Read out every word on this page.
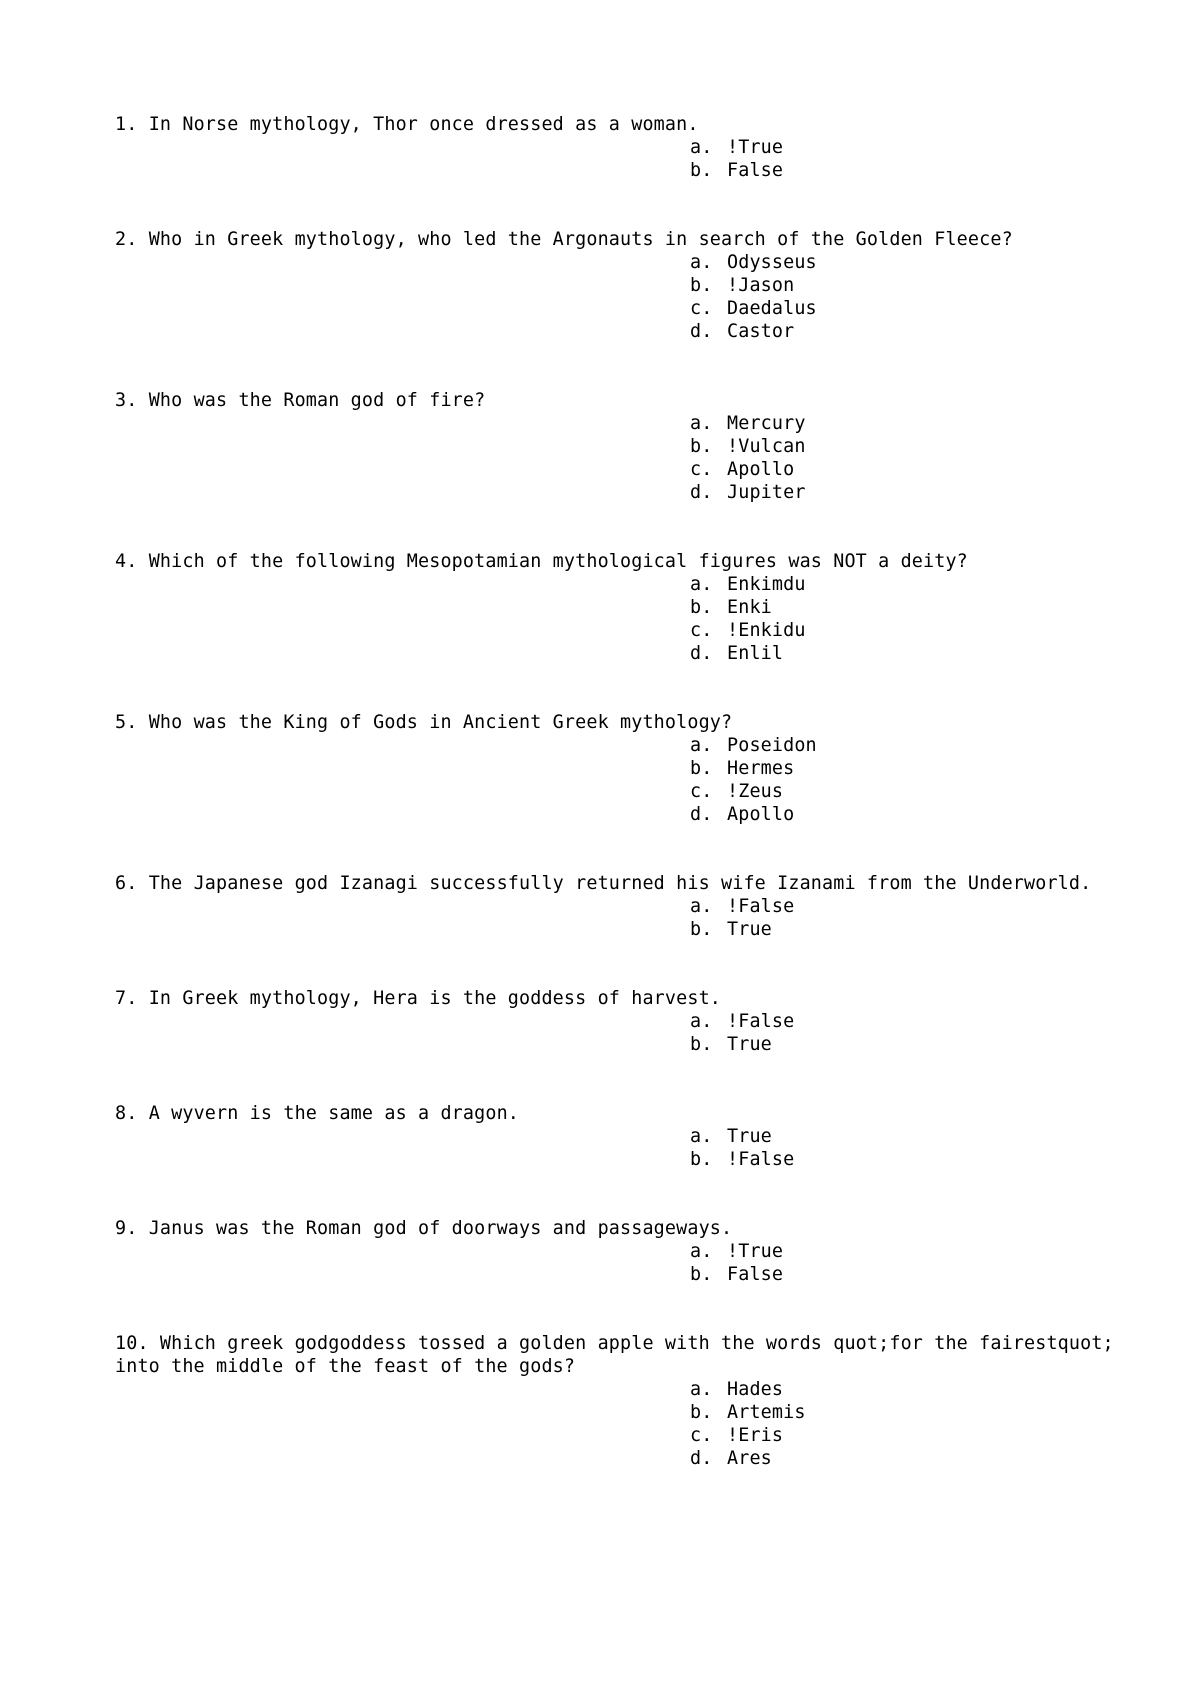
1. In Norse mythology, Thor once dressed as a woman.
a. !True
b. False
2. Who in Greek mythology, who led the Argonauts in search of the Golden Fleece?
a. Odysseus
b. !Jason
c. Daedalus
d. Castor
3. Who was the Roman god of fire?
a. Mercury
b. !Vulcan
c. Apollo
d. Jupiter
4. Which of the following Mesopotamian mythological figures was NOT a deity?
a. Enkimdu
b. Enki
c. !Enkidu
d. Enlil
5. Who was the King of Gods in Ancient Greek mythology?
a. Poseidon
b. Hermes
c. !Zeus
d. Apollo
6. The Japanese god Izanagi successfully returned his wife Izanami from the Underworld.
a. !False
b. True
7. In Greek mythology, Hera is the goddess of harvest.
a. !False
b. True
8. A wyvern is the same as a dragon.
a. True
b. !False
9. Janus was the Roman god of doorways and passageways.
a. !True
b. False
10. Which greek godgoddess tossed a golden apple with the words quot;for the fairestquot; into the middle of the feast of the gods?
a. Hades
b. Artemis
c. !Eris
d. Ares
